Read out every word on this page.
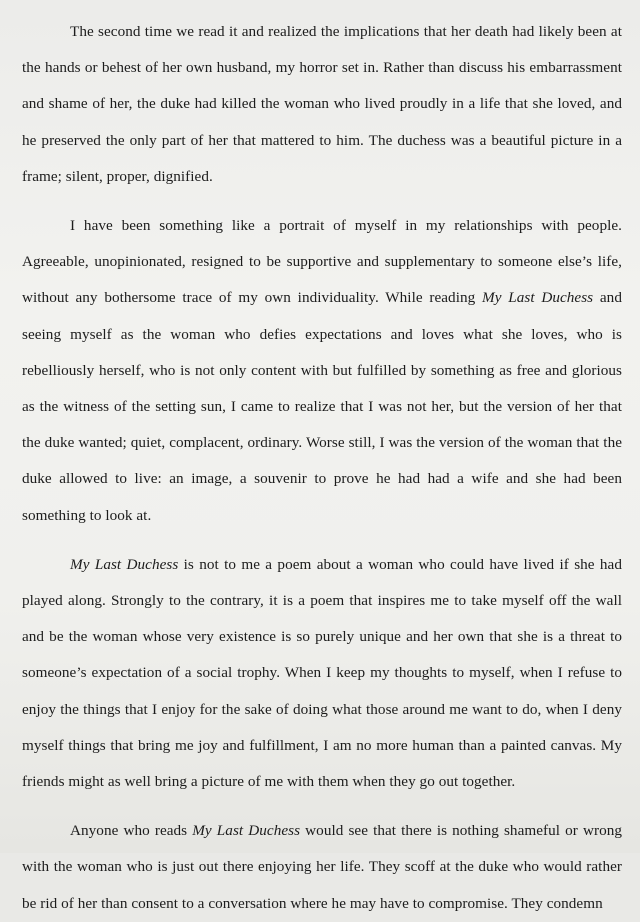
The second time we read it and realized the implications that her death had likely been at the hands or behest of her own husband, my horror set in. Rather than discuss his embarrassment and shame of her, the duke had killed the woman who lived proudly in a life that she loved, and he preserved the only part of her that mattered to him. The duchess was a beautiful picture in a frame; silent, proper, dignified.

I have been something like a portrait of myself in my relationships with people. Agreeable, unopinionated, resigned to be supportive and supplementary to someone else’s life, without any bothersome trace of my own individuality. While reading My Last Duchess and seeing myself as the woman who defies expectations and loves what she loves, who is rebelliously herself, who is not only content with but fulfilled by something as free and glorious as the witness of the setting sun, I came to realize that I was not her, but the version of her that the duke wanted; quiet, complacent, ordinary. Worse still, I was the version of the woman that the duke allowed to live: an image, a souvenir to prove he had had a wife and she had been something to look at.

My Last Duchess is not to me a poem about a woman who could have lived if she had played along. Strongly to the contrary, it is a poem that inspires me to take myself off the wall and be the woman whose very existence is so purely unique and her own that she is a threat to someone’s expectation of a social trophy. When I keep my thoughts to myself, when I refuse to enjoy the things that I enjoy for the sake of doing what those around me want to do, when I deny myself things that bring me joy and fulfillment, I am no more human than a painted canvas. My friends might as well bring a picture of me with them when they go out together.

Anyone who reads My Last Duchess would see that there is nothing shameful or wrong with the woman who is just out there enjoying her life. They scoff at the duke who would rather be rid of her than consent to a conversation where he may have to compromise. They condemn
